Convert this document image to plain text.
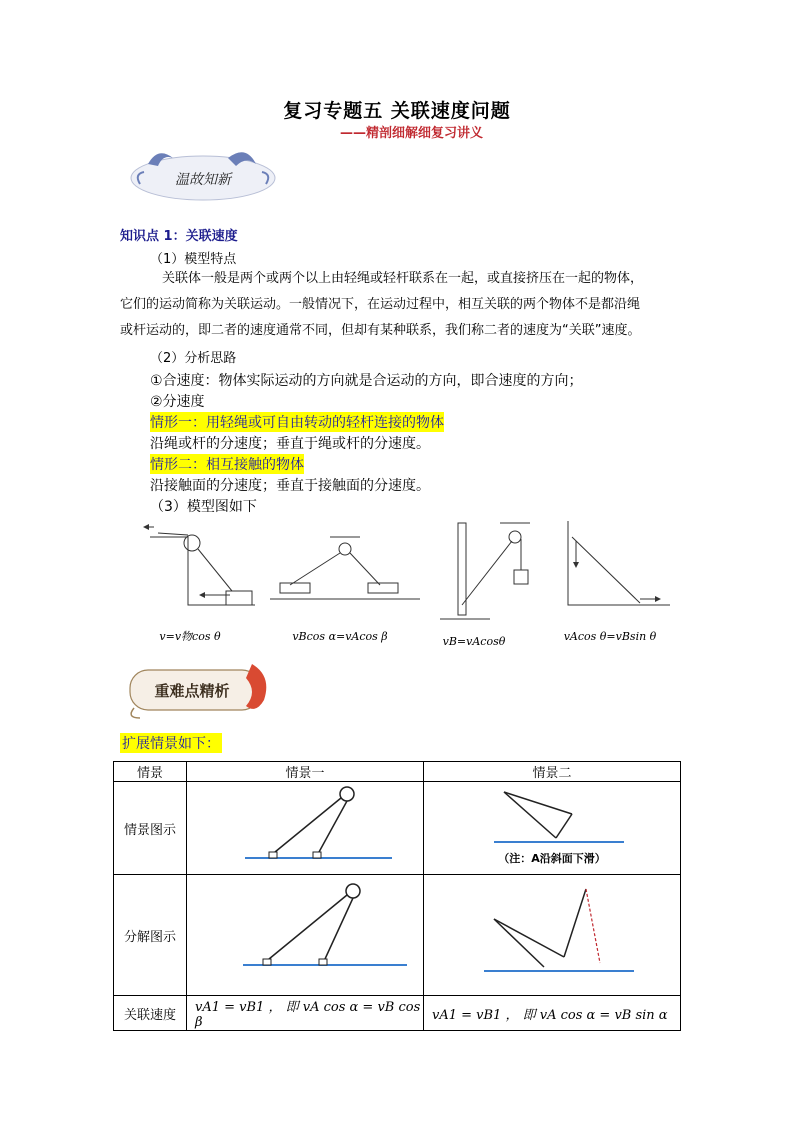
复习专题五 关联速度问题
——精剖细解细复习讲义
温故知新
知识点 1：关联速度
（1）模型特点
关联体一般是两个或两个以上由轻绳或轻杆联系在一起，或直接挤压在一起的物体，
它们的运动简称为关联运动。一般情况下，在运动过程中，相互关联的两个物体不是都沿绳
或杆运动的，即二者的速度通常不同，但却有某种联系，我们称二者的速度为“关联”速度。
（2）分析思路
①合速度：物体实际运动的方向就是合运动的方向，即合速度的方向；
②分速度
情形一：用轻绳或可自由转动的轻杆连接的物体
沿绳或杆的分速度；垂直于绳或杆的分速度。
情形二：相互接触的物体
沿接触面的分速度；垂直于接触面的分速度。
（3）模型图如下
v=v物cos θ	vBcos α=vAcos β	vB=vAcosθ	vAcos θ=vBsin θ
重难点精析
扩展情景如下：
情景	情景一	情景二
情景图示		（注：A沿斜面下滑）

分解图示		
关联速度	vA1 = vB1 ， 即 vA cos α = vB cos β	vA1 = vB1 ， 即 vA cos α = vB sin α
